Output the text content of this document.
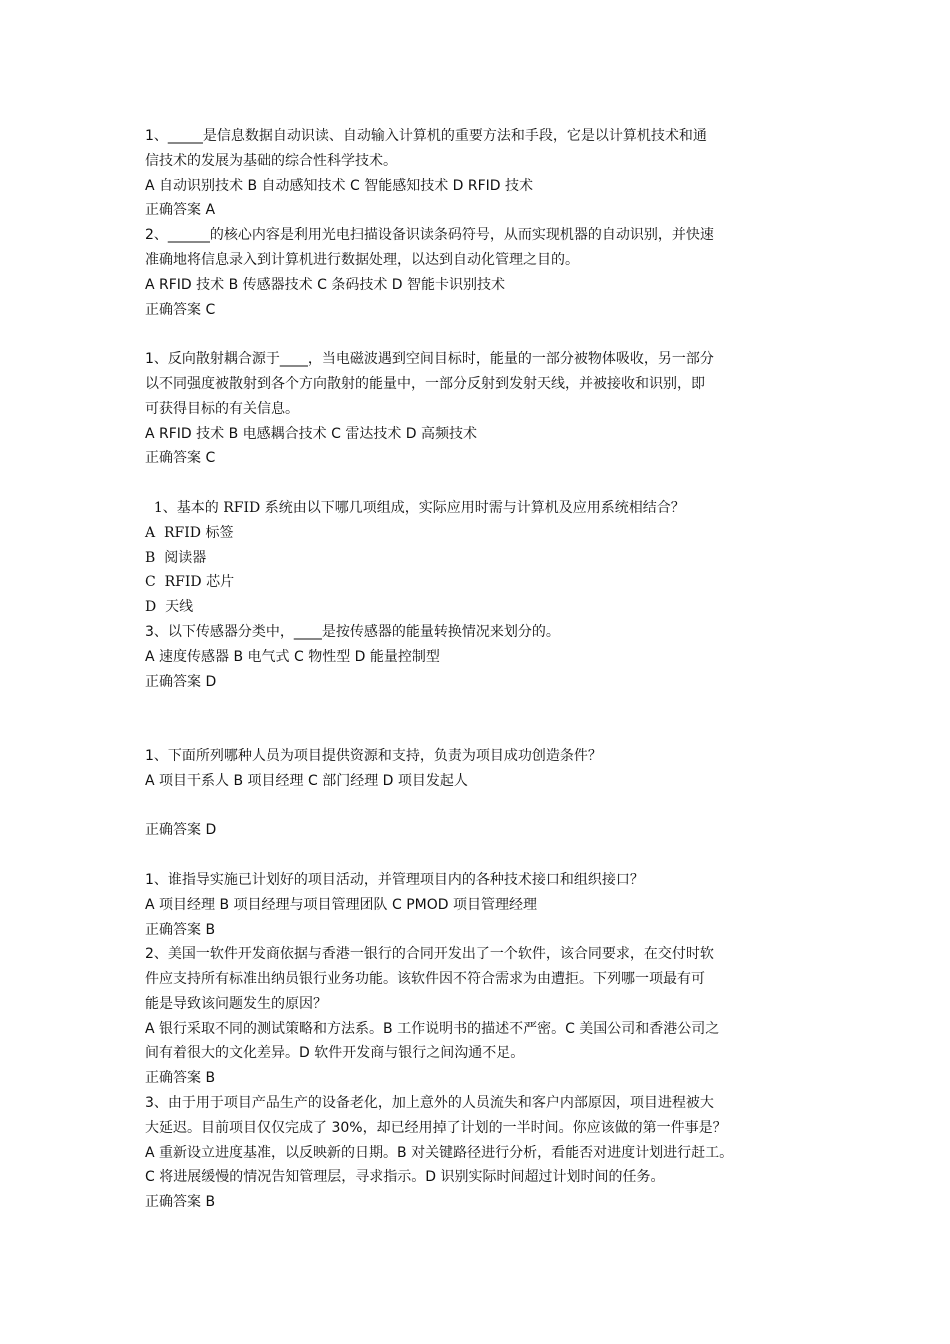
1、_____是信息数据自动识读、自动输入计算机的重要方法和手段，它是以计算机技术和通

信技术的发展为基础的综合性科学技术。

A 自动识别技术 B 自动感知技术 C 智能感知技术 D RFID 技术

正确答案 A

2、______的核心内容是利用光电扫描设备识读条码符号，从而实现机器的自动识别，并快速

准确地将信息录入到计算机进行数据处理，以达到自动化管理之目的。

A RFID 技术 B 传感器技术 C 条码技术 D 智能卡识别技术

正确答案 C

1、反向散射耦合源于____，当电磁波遇到空间目标时，能量的一部分被物体吸收，另一部分

以不同强度被散射到各个方向散射的能量中，一部分反射到发射天线，并被接收和识别，即

可获得目标的有关信息。

A RFID 技术 B 电感耦合技术 C 雷达技术 D 高频技术

正确答案 C

1、基本的 RFID 系统由以下哪几项组成，实际应用时需与计算机及应用系统相结合？

A  RFID 标签

B  阅读器

C  RFID 芯片

D  天线

3、以下传感器分类中，____是按传感器的能量转换情况来划分的。

A 速度传感器 B 电气式 C 物性型 D 能量控制型

正确答案 D

1、下面所列哪种人员为项目提供资源和支持，负责为项目成功创造条件？

A 项目干系人 B 项目经理 C 部门经理 D 项目发起人

正确答案 D

1、谁指导实施已计划好的项目活动，并管理项目内的各种技术接口和组织接口？

A 项目经理 B 项目经理与项目管理团队 C PMOD 项目管理经理

正确答案 B

2、美国一软件开发商依据与香港一银行的合同开发出了一个软件，该合同要求，在交付时软

件应支持所有标准出纳员银行业务功能。该软件因不符合需求为由遭拒。下列哪一项最有可

能是导致该问题发生的原因？

A 银行采取不同的测试策略和方法系。B 工作说明书的描述不严密。C 美国公司和香港公司之

间有着很大的文化差异。D 软件开发商与银行之间沟通不足。

正确答案 B

3、由于用于项目产品生产的设备老化，加上意外的人员流失和客户内部原因，项目进程被大

大延迟。目前项目仅仅完成了 30%，却已经用掉了计划的一半时间。你应该做的第一件事是？

A 重新设立进度基准，以反映新的日期。B 对关键路径进行分析，看能否对进度计划进行赶工。

C 将进展缓慢的情况告知管理层，寻求指示。D 识别实际时间超过计划时间的任务。

正确答案 B
